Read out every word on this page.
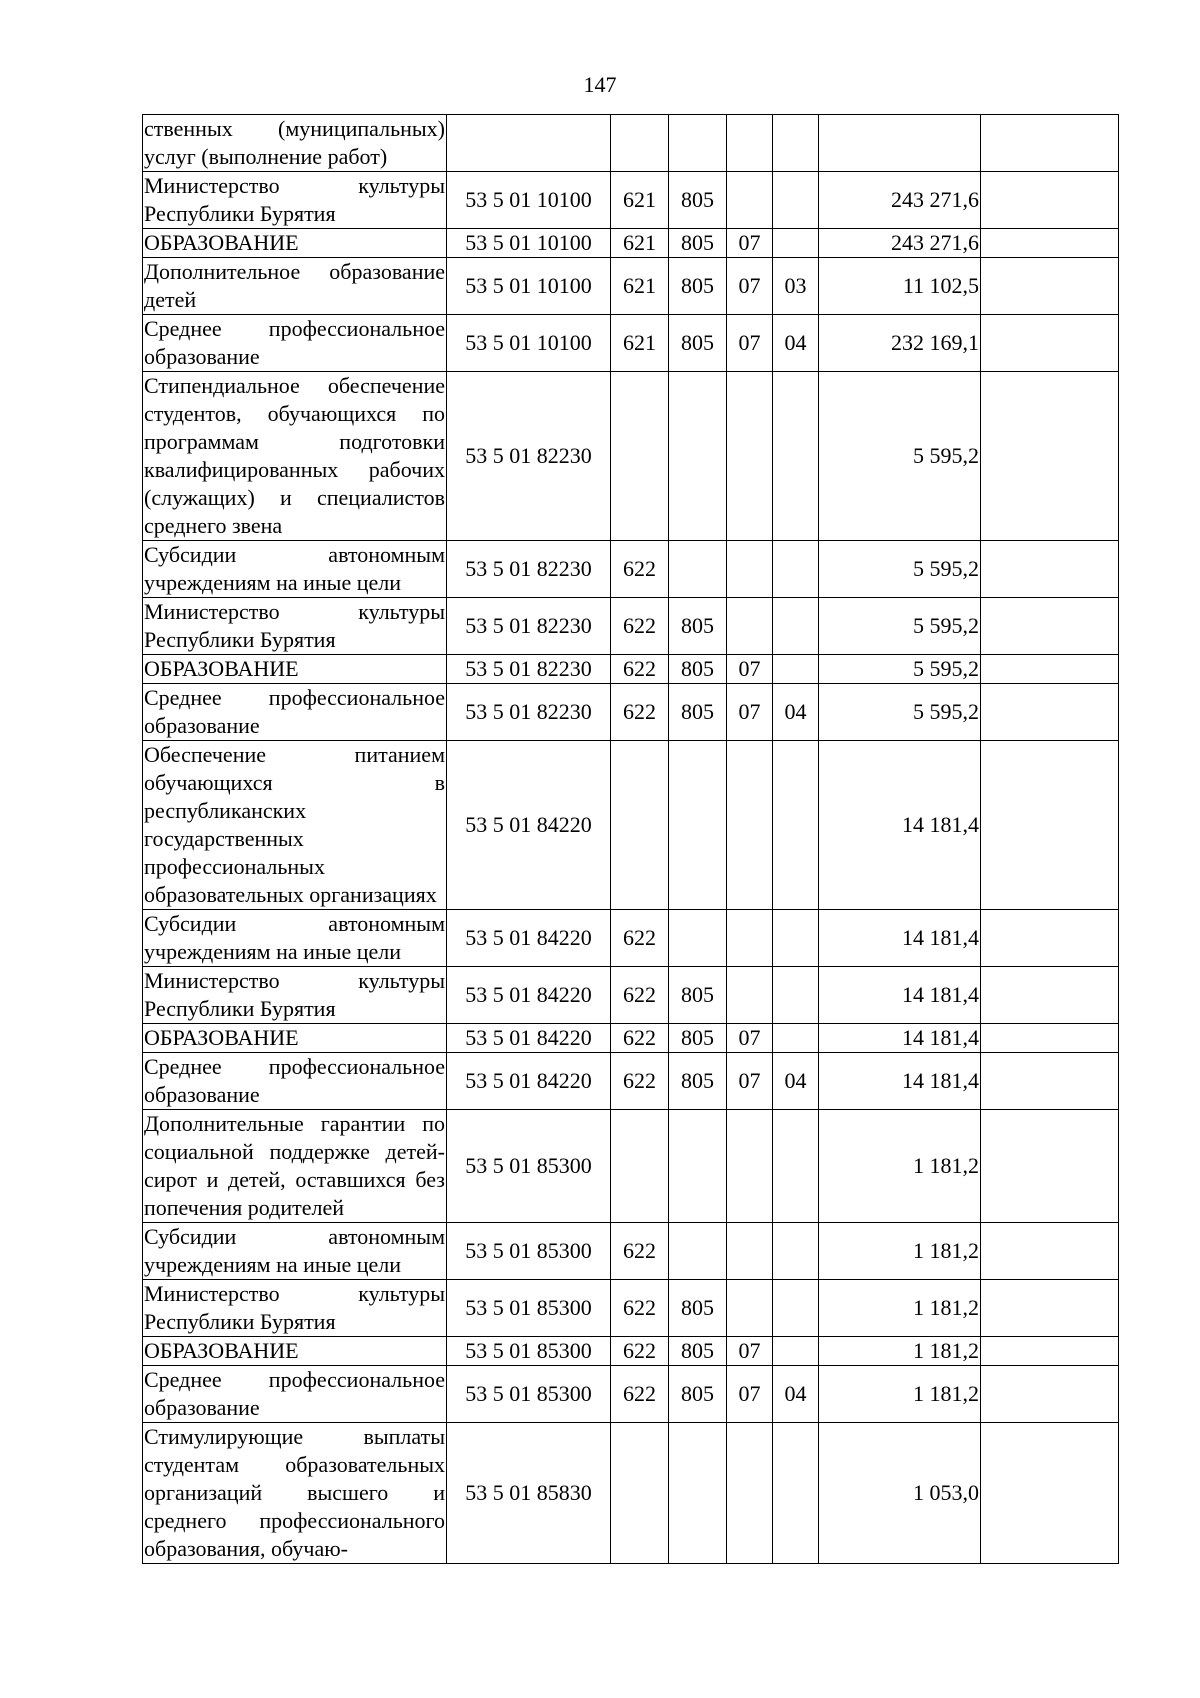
147
ственных (муниципальных) услуг (выполнение работ)							
Министерство культуры Республики Бурятия	53 5 01 10100	621	805			243 271,6	
ОБРАЗОВАНИЕ	53 5 01 10100	621	805	07		243 271,6	
Дополнительное образование детей	53 5 01 10100	621	805	07	03	11 102,5	
Среднее профессиональное образование	53 5 01 10100	621	805	07	04	232 169,1	
Стипендиальное обеспечение студентов, обучающихся по программам подготовки квалифицированных рабочих (служащих) и специалистов среднего звена	53 5 01 82230					5 595,2	
Субсидии автономным учреждениям на иные цели	53 5 01 82230	622				5 595,2	
Министерство культуры Республики Бурятия	53 5 01 82230	622	805			5 595,2	
ОБРАЗОВАНИЕ	53 5 01 82230	622	805	07		5 595,2	
Среднее профессиональное образование	53 5 01 82230	622	805	07	04	5 595,2	
Обеспечение питанием обучающихся в республиканских государственных профессиональных образовательных организациях	53 5 01 84220					14 181,4	
Субсидии автономным учреждениям на иные цели	53 5 01 84220	622				14 181,4	
Министерство культуры Республики Бурятия	53 5 01 84220	622	805			14 181,4	
ОБРАЗОВАНИЕ	53 5 01 84220	622	805	07		14 181,4	
Среднее профессиональное образование	53 5 01 84220	622	805	07	04	14 181,4	
Дополнительные гарантии по социальной поддержке детей-сирот и детей, оставшихся без попечения родителей	53 5 01 85300					1 181,2	
Субсидии автономным учреждениям на иные цели	53 5 01 85300	622				1 181,2	
Министерство культуры Республики Бурятия	53 5 01 85300	622	805			1 181,2	
ОБРАЗОВАНИЕ	53 5 01 85300	622	805	07		1 181,2	
Среднее профессиональное образование	53 5 01 85300	622	805	07	04	1 181,2	
Стимулирующие выплаты студентам образовательных организаций высшего и среднего профессионального образования, обучаю-	53 5 01 85830					1 053,0	
